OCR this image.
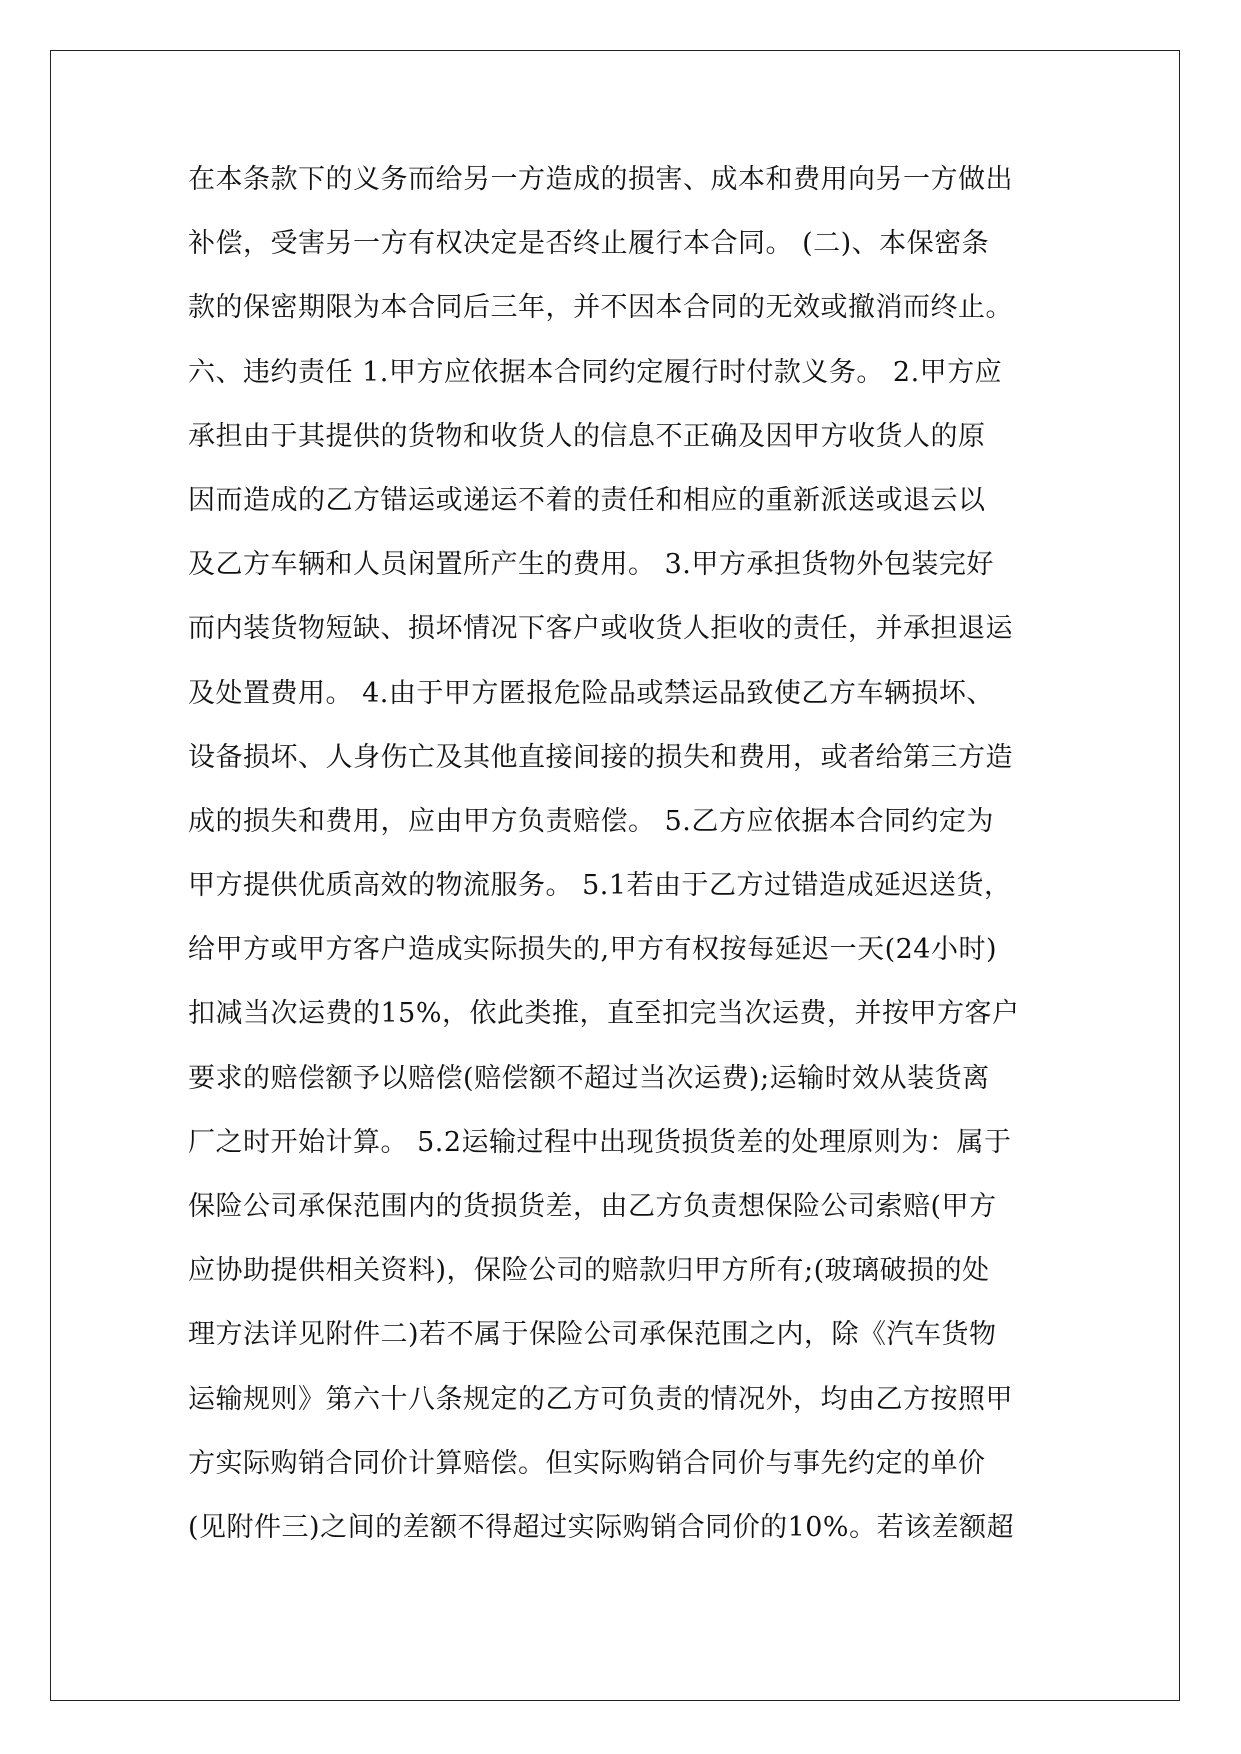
在本条款下的义务而给另一方造成的损害、成本和费用向另一方做出
补偿，受害另一方有权决定是否终止履行本合同。 (二)、本保密条
款的保密期限为本合同后三年，并不因本合同的无效或撤消而终止。
六、违约责任 1.甲方应依据本合同约定履行时付款义务。 2.甲方应
承担由于其提供的货物和收货人的信息不正确及因甲方收货人的原
因而造成的乙方错运或递运不着的责任和相应的重新派送或退云以
及乙方车辆和人员闲置所产生的费用。 3.甲方承担货物外包装完好
而内装货物短缺、损坏情况下客户或收货人拒收的责任，并承担退运
及处置费用。 4.由于甲方匿报危险品或禁运品致使乙方车辆损坏、
设备损坏、人身伤亡及其他直接间接的损失和费用，或者给第三方造
成的损失和费用，应由甲方负责赔偿。 5.乙方应依据本合同约定为
甲方提供优质高效的物流服务。 5.1若由于乙方过错造成延迟送货，
给甲方或甲方客户造成实际损失的,甲方有权按每延迟一天(24小时)
扣减当次运费的15%，依此类推，直至扣完当次运费，并按甲方客户
要求的赔偿额予以赔偿(赔偿额不超过当次运费);运输时效从装货离
厂之时开始计算。 5.2运输过程中出现货损货差的处理原则为：属于
保险公司承保范围内的货损货差，由乙方负责想保险公司索赔(甲方
应协助提供相关资料)，保险公司的赔款归甲方所有;(玻璃破损的处
理方法详见附件二)若不属于保险公司承保范围之内，除《汽车货物
运输规则》第六十八条规定的乙方可负责的情况外，均由乙方按照甲
方实际购销合同价计算赔偿。但实际购销合同价与事先约定的单价
(见附件三)之间的差额不得超过实际购销合同价的10%。若该差额超
